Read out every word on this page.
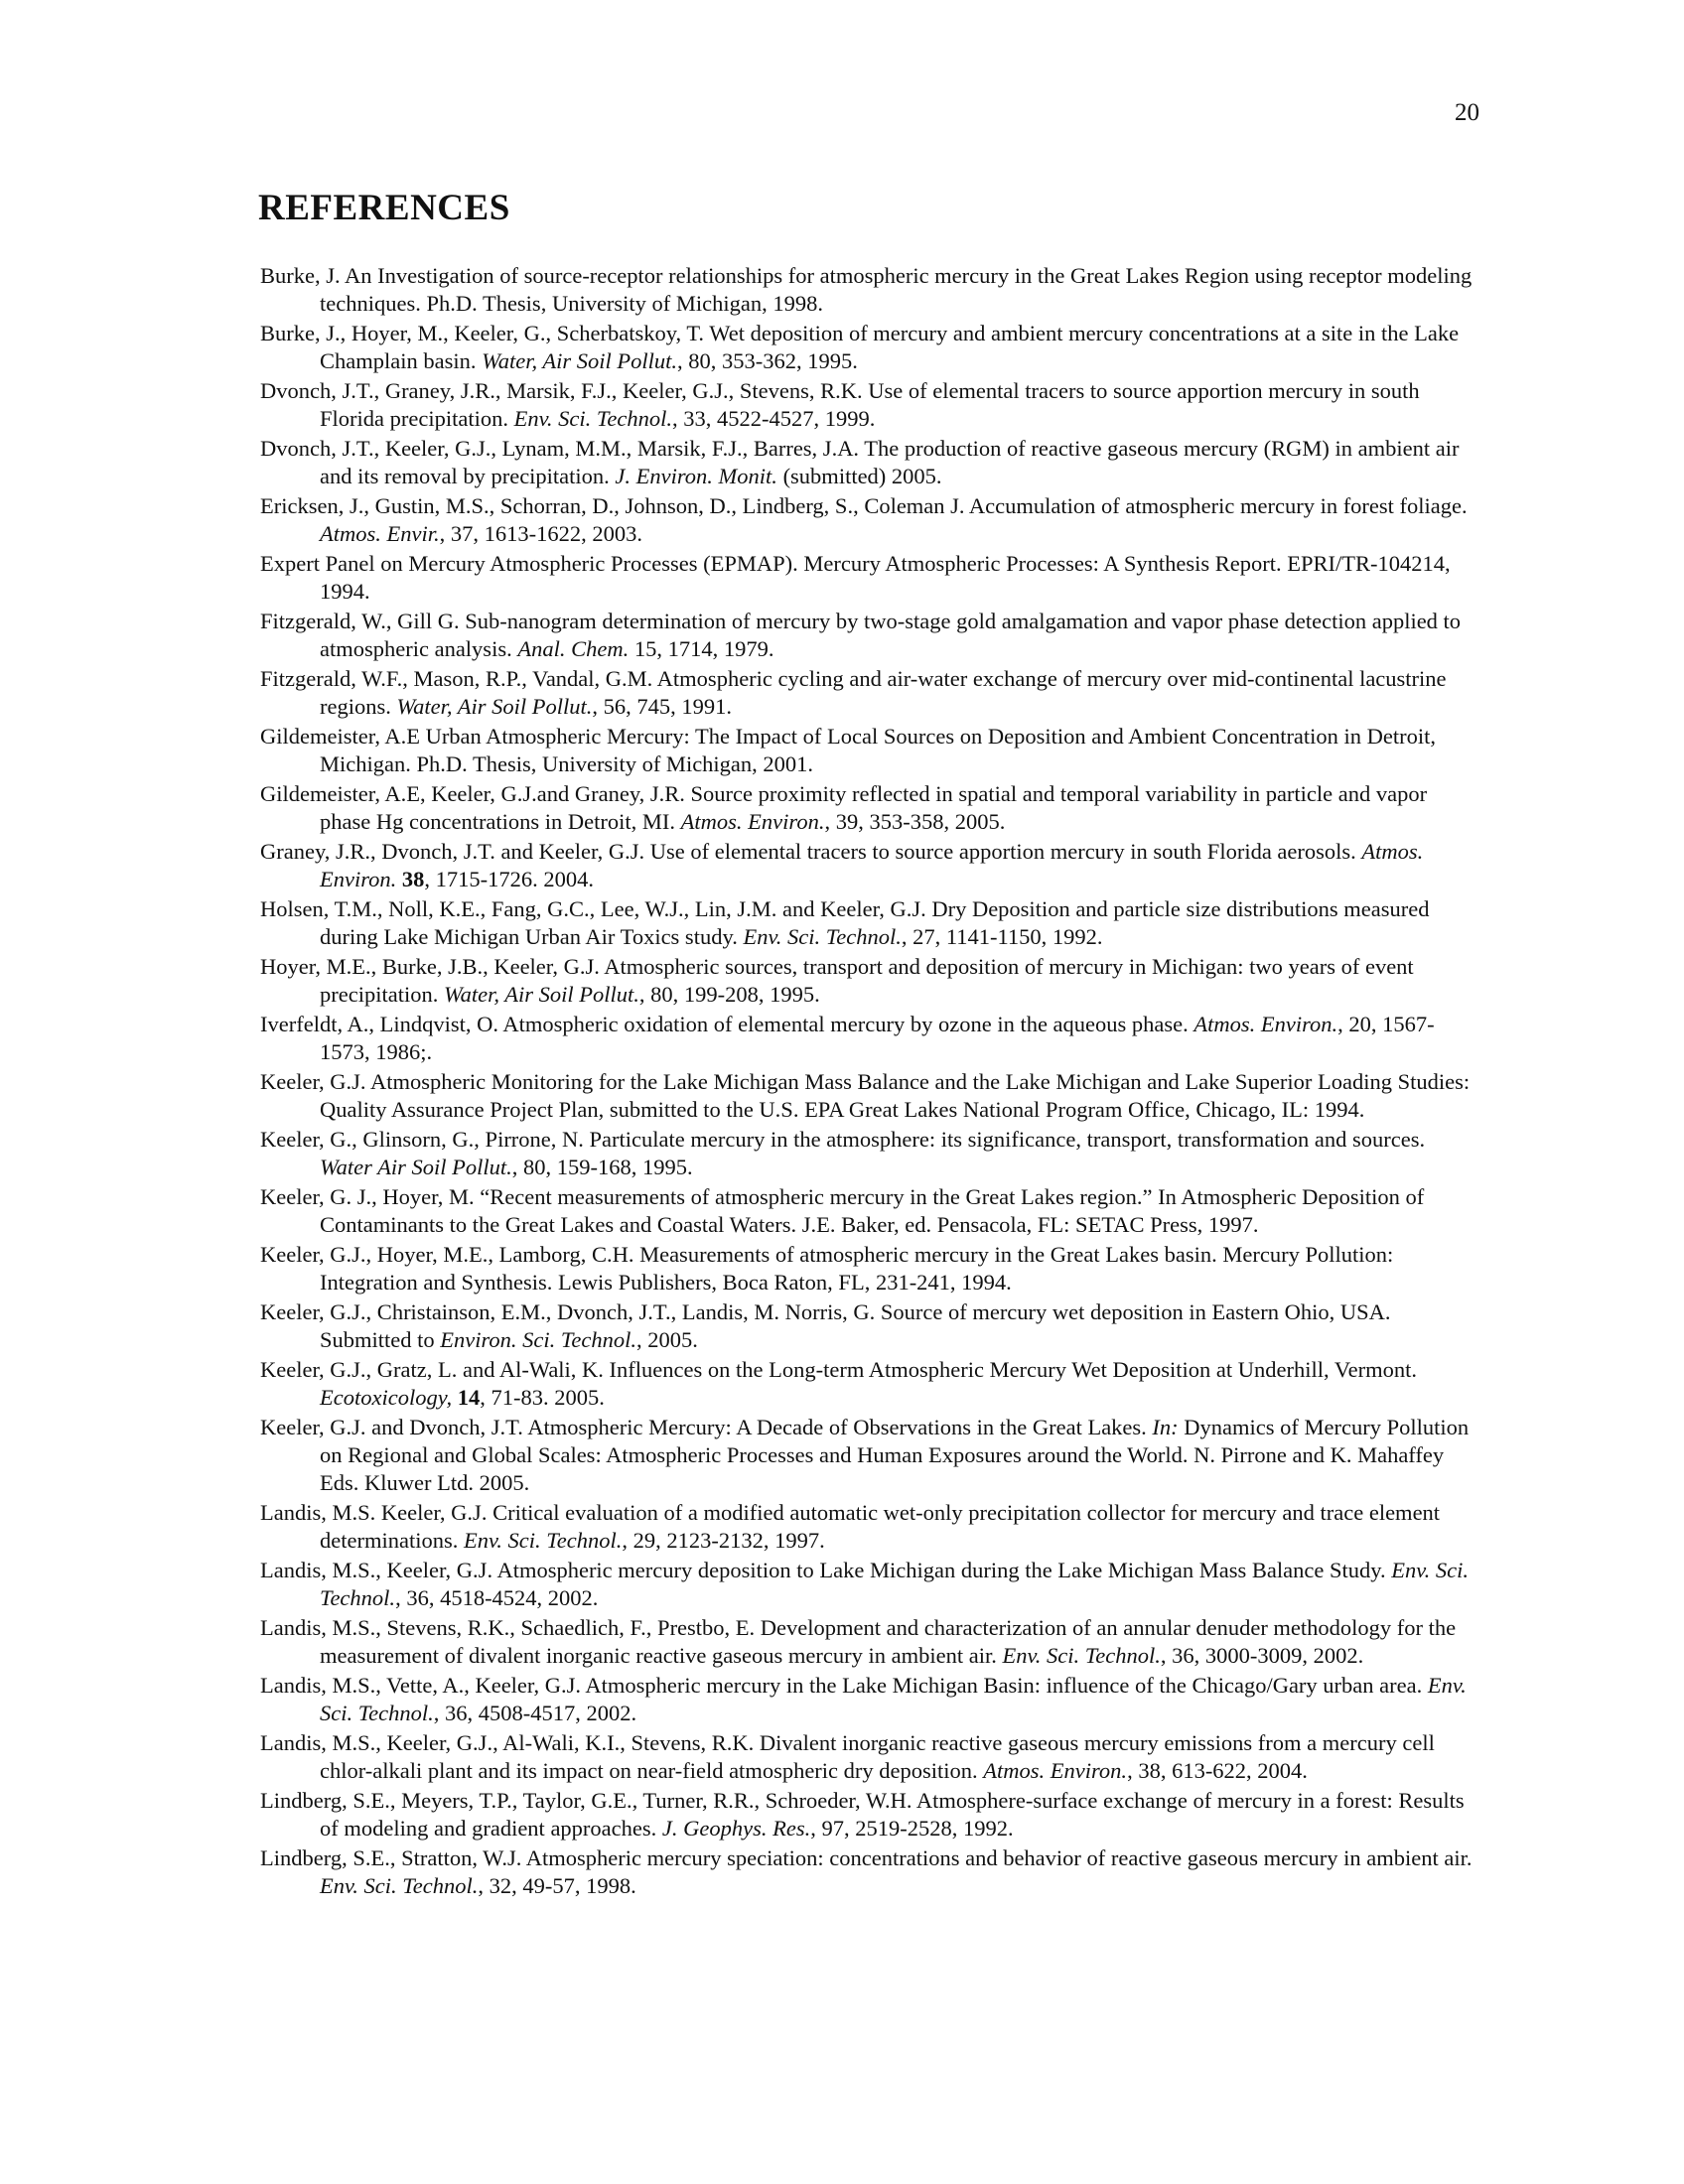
20
REFERENCES

Burke, J. An Investigation of source-receptor relationships for atmospheric mercury in the Great Lakes Region using receptor modeling techniques. Ph.D. Thesis, University of Michigan, 1998.

Burke, J., Hoyer, M., Keeler, G., Scherbatskoy, T. Wet deposition of mercury and ambient mercury concentrations at a site in the Lake Champlain basin. Water, Air Soil Pollut., 80, 353-362, 1995.

Dvonch, J.T., Graney, J.R., Marsik, F.J., Keeler, G.J., Stevens, R.K. Use of elemental tracers to source apportion mercury in south Florida precipitation. Env. Sci. Technol., 33, 4522-4527, 1999.

Dvonch, J.T., Keeler, G.J., Lynam, M.M., Marsik, F.J., Barres, J.A. The production of reactive gaseous mercury (RGM) in ambient air and its removal by precipitation. J. Environ. Monit. (submitted) 2005.

Ericksen, J., Gustin, M.S., Schorran, D., Johnson, D., Lindberg, S., Coleman J. Accumulation of atmospheric mercury in forest foliage. Atmos. Envir., 37, 1613-1622, 2003.

Expert Panel on Mercury Atmospheric Processes (EPMAP). Mercury Atmospheric Processes: A Synthesis Report. EPRI/TR-104214, 1994.

Fitzgerald, W., Gill G. Sub-nanogram determination of mercury by two-stage gold amalgamation and vapor phase detection applied to atmospheric analysis. Anal. Chem. 15, 1714, 1979.

Fitzgerald, W.F., Mason, R.P., Vandal, G.M. Atmospheric cycling and air-water exchange of mercury over mid-continental lacustrine regions. Water, Air Soil Pollut., 56, 745, 1991.

Gildemeister, A.E Urban Atmospheric Mercury: The Impact of Local Sources on Deposition and Ambient Concentration in Detroit, Michigan. Ph.D. Thesis, University of Michigan, 2001.

Gildemeister, A.E, Keeler, G.J.and Graney, J.R. Source proximity reflected in spatial and temporal variability in particle and vapor phase Hg concentrations in Detroit, MI. Atmos. Environ., 39, 353-358, 2005.

Graney, J.R., Dvonch, J.T. and Keeler, G.J. Use of elemental tracers to source apportion mercury in south Florida aerosols. Atmos. Environ. 38, 1715-1726. 2004.

Holsen, T.M., Noll, K.E., Fang, G.C., Lee, W.J., Lin, J.M. and Keeler, G.J. Dry Deposition and particle size distributions measured during Lake Michigan Urban Air Toxics study. Env. Sci. Technol., 27, 1141-1150, 1992.

Hoyer, M.E., Burke, J.B., Keeler, G.J. Atmospheric sources, transport and deposition of mercury in Michigan: two years of event precipitation. Water, Air Soil Pollut., 80, 199-208, 1995.

Iverfeldt, A., Lindqvist, O. Atmospheric oxidation of elemental mercury by ozone in the aqueous phase. Atmos. Environ., 20, 1567-1573, 1986;.

Keeler, G.J. Atmospheric Monitoring for the Lake Michigan Mass Balance and the Lake Michigan and Lake Superior Loading Studies: Quality Assurance Project Plan, submitted to the U.S. EPA Great Lakes National Program Office, Chicago, IL: 1994.

Keeler, G., Glinsorn, G., Pirrone, N. Particulate mercury in the atmosphere: its significance, transport, transformation and sources. Water Air Soil Pollut., 80, 159-168, 1995.

Keeler, G. J., Hoyer, M. “Recent measurements of atmospheric mercury in the Great Lakes region.” In Atmospheric Deposition of Contaminants to the Great Lakes and Coastal Waters. J.E. Baker, ed. Pensacola, FL: SETAC Press, 1997.

Keeler, G.J., Hoyer, M.E., Lamborg, C.H. Measurements of atmospheric mercury in the Great Lakes basin. Mercury Pollution: Integration and Synthesis. Lewis Publishers, Boca Raton, FL, 231-241, 1994.

Keeler, G.J., Christainson, E.M., Dvonch, J.T., Landis, M. Norris, G. Source of mercury wet deposition in Eastern Ohio, USA. Submitted to Environ. Sci. Technol., 2005.

Keeler, G.J., Gratz, L. and Al-Wali, K. Influences on the Long-term Atmospheric Mercury Wet Deposition at Underhill, Vermont. Ecotoxicology, 14, 71-83. 2005.

Keeler, G.J. and Dvonch, J.T. Atmospheric Mercury: A Decade of Observations in the Great Lakes. In: Dynamics of Mercury Pollution on Regional and Global Scales: Atmospheric Processes and Human Exposures around the World. N. Pirrone and K. Mahaffey Eds. Kluwer Ltd. 2005.

Landis, M.S. Keeler, G.J. Critical evaluation of a modified automatic wet-only precipitation collector for mercury and trace element determinations. Env. Sci. Technol., 29, 2123-2132, 1997.

Landis, M.S., Keeler, G.J. Atmospheric mercury deposition to Lake Michigan during the Lake Michigan Mass Balance Study. Env. Sci. Technol., 36, 4518-4524, 2002.

Landis, M.S., Stevens, R.K., Schaedlich, F., Prestbo, E. Development and characterization of an annular denuder methodology for the measurement of divalent inorganic reactive gaseous mercury in ambient air. Env. Sci. Technol., 36, 3000-3009, 2002.

Landis, M.S., Vette, A., Keeler, G.J. Atmospheric mercury in the Lake Michigan Basin: influence of the Chicago/Gary urban area. Env. Sci. Technol., 36, 4508-4517, 2002.

Landis, M.S., Keeler, G.J., Al-Wali, K.I., Stevens, R.K. Divalent inorganic reactive gaseous mercury emissions from a mercury cell chlor-alkali plant and its impact on near-field atmospheric dry deposition. Atmos. Environ., 38, 613-622, 2004.

Lindberg, S.E., Meyers, T.P., Taylor, G.E., Turner, R.R., Schroeder, W.H. Atmosphere-surface exchange of mercury in a forest: Results of modeling and gradient approaches. J. Geophys. Res., 97, 2519-2528, 1992.

Lindberg, S.E., Stratton, W.J. Atmospheric mercury speciation: concentrations and behavior of reactive gaseous mercury in ambient air. Env. Sci. Technol., 32, 49-57, 1998.
